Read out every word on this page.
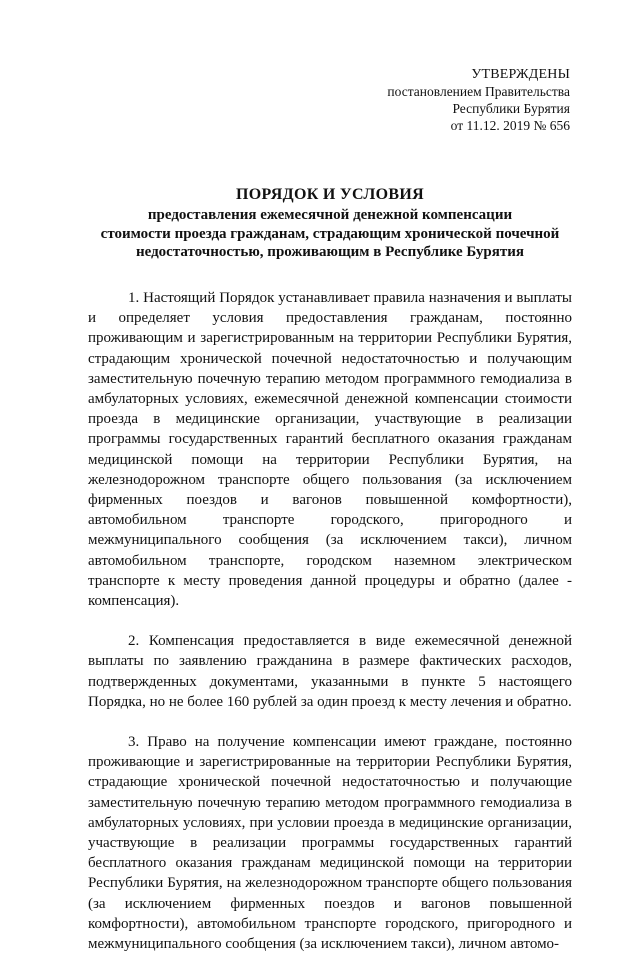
УТВЕРЖДЕНЫ
постановлением Правительства
Республики Бурятия
от 11.12. 2019 № 656
ПОРЯДОК И УСЛОВИЯ
предоставления ежемесячной денежной компенсации
стоимости проезда гражданам, страдающим хронической почечной
недостаточностью, проживающим в Республике Бурятия

1. Настоящий Порядок устанавливает правила назначения и выплаты и определяет условия предоставления гражданам, постоянно проживающим и зарегистрированным на территории Республики Бурятия, страдающим хронической почечной недостаточностью и получающим заместительную почечную терапию методом программного гемодиализа в амбулаторных условиях, ежемесячной денежной компенсации стоимости проезда в медицинские организации, участвующие в реализации программы государственных гарантий бесплатного оказания гражданам медицинской помощи на территории Республики Бурятия, на железнодорожном транспорте общего пользования (за исключением фирменных поездов и вагонов повышенной комфортности), автомобильном транспорте городского, пригородного и межмуниципального сообщения (за исключением такси), личном автомобильном транспорте, городском наземном электрическом транспорте к месту проведения данной процедуры и обратно (далее - компенсация).

2. Компенсация предоставляется в виде ежемесячной денежной выплаты по заявлению гражданина в размере фактических расходов, подтвержденных документами, указанными в пункте 5 настоящего Порядка, но не более 160 рублей за один проезд к месту лечения и обратно.

3. Право на получение компенсации имеют граждане, постоянно проживающие и зарегистрированные на территории Республики Бурятия, страдающие хронической почечной недостаточностью и получающие заместительную почечную терапию методом программного гемодиализа в амбулаторных условиях, при условии проезда в медицинские организации, участвующие в реализации программы государственных гарантий бесплатного оказания гражданам медицинской помощи на территории Республики Бурятия, на железнодорожном транспорте общего пользования (за исключением фирменных поездов и вагонов повышенной комфортности), автомобильном транспорте городского, пригородного и межмуниципального сообщения (за исключением такси), личном автомо-
